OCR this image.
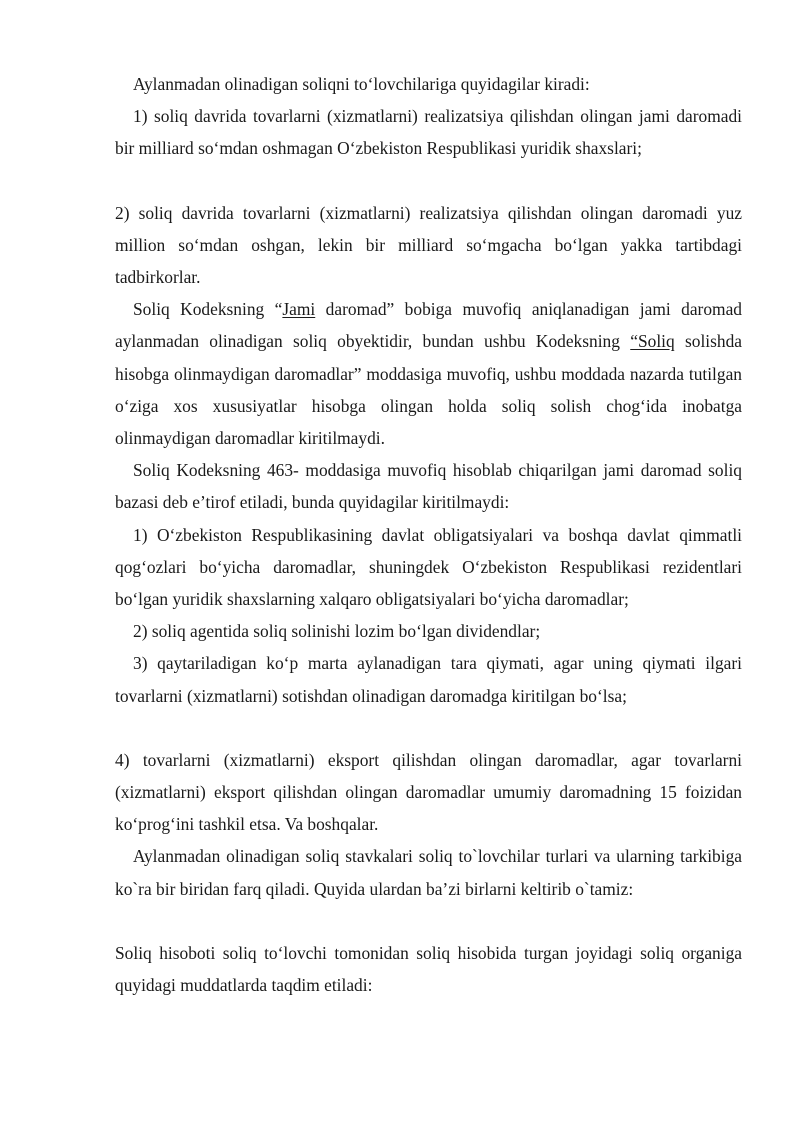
Aylanmadan olinadigan soliqni to‘lovchilariga quyidagilar kiradi:

1) soliq davrida tovarlarni (xizmatlarni) realizatsiya qilishdan olingan jami daromadi bir milliard so‘mdan oshmagan O‘zbekiston Respublikasi yuridik shaxslari;

2) soliq davrida tovarlarni (xizmatlarni) realizatsiya qilishdan olingan daromadi yuz million so‘mdan oshgan, lekin bir milliard so‘mgacha bo‘lgan yakka tartibdagi tadbirkorlar.

Soliq Kodeksning “Jami daromad” bobiga muvofiq aniqlanadigan jami daromad aylanmadan olinadigan soliq obyektidir, bundan ushbu Kodeksning “Soliq solishda hisobga olinmaydigan daromadlar” moddasiga muvofiq, ushbu moddada nazarda tutilgan o‘ziga xos xususiyatlar hisobga olingan holda soliq solish chog‘ida inobatga olinmaydigan daromadlar kiritilmaydi.

Soliq Kodeksning 463- moddasiga muvofiq hisoblab chiqarilgan jami daromad soliq bazasi deb e’tirof etiladi, bunda quyidagilar kiritilmaydi:

1) O‘zbekiston Respublikasining davlat obligatsiyalari va boshqa davlat qimmatli qog‘ozlari bo‘yicha daromadlar, shuningdek O‘zbekiston Respublikasi rezidentlari bo‘lgan yuridik shaxslarning xalqaro obligatsiyalari bo‘yicha daromadlar;

2) soliq agentida soliq solinishi lozim bo‘lgan dividendlar;

3) qaytariladigan ko‘p marta aylanadigan tara qiymati, agar uning qiymati ilgari tovarlarni (xizmatlarni) sotishdan olinadigan daromadga kiritilgan bo‘lsa;

4) tovarlarni (xizmatlarni) eksport qilishdan olingan daromadlar, agar tovarlarni (xizmatlarni) eksport qilishdan olingan daromadlar umumiy daromadning 15 foizidan ko‘prog‘ini tashkil etsa. Va boshqalar.

Aylanmadan olinadigan soliq stavkalari soliq to`lovchilar turlari va ularning tarkibiga ko`ra bir biridan farq qiladi. Quyida ulardan ba’zi birlarni keltirib o`tamiz:

Soliq hisoboti soliq to‘lovchi tomonidan soliq hisobida turgan joyidagi soliq organiga quyidagi muddatlarda taqdim etiladi:
